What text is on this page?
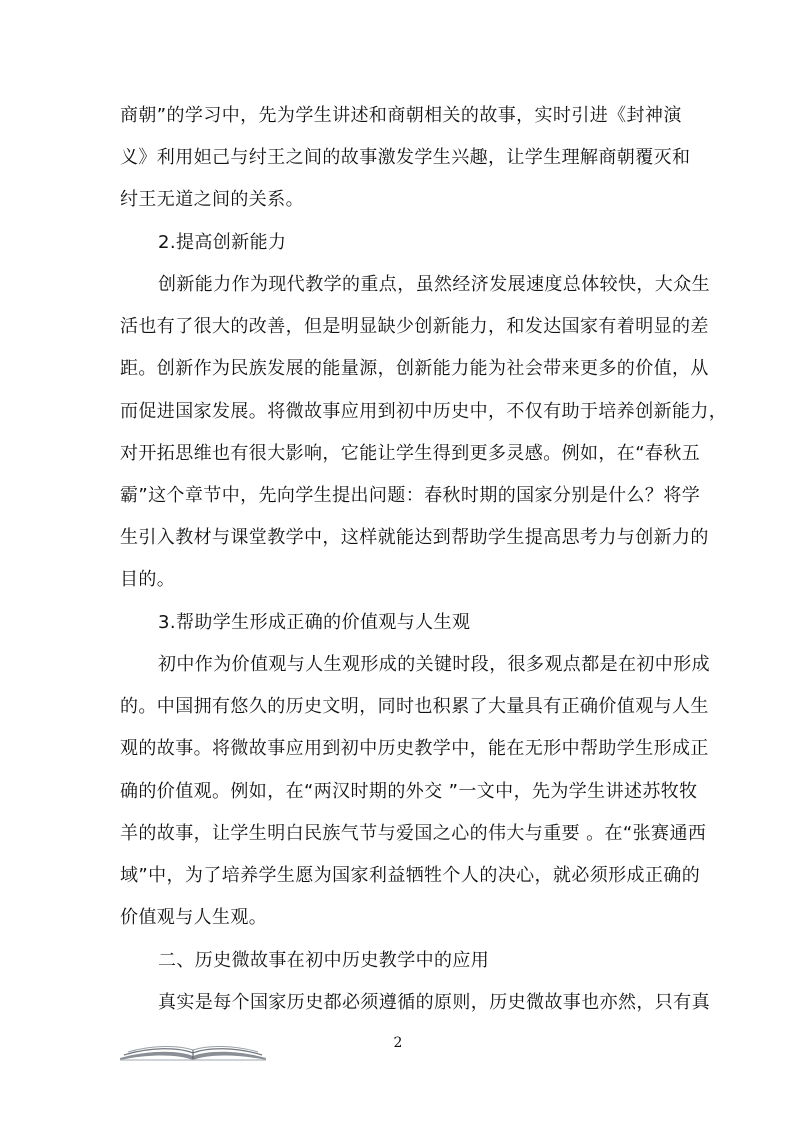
商朝”的学习中，先为学生讲述和商朝相关的故事，实时引进《封神演
义》利用妲己与纣王之间的故事激发学生兴趣，让学生理解商朝覆灭和
纣王无道之间的关系。
2.提高创新能力
创新能力作为现代教学的重点，虽然经济发展速度总体较快，大众生
活也有了很大的改善，但是明显缺少创新能力，和发达国家有着明显的差
距。创新作为民族发展的能量源，创新能力能为社会带来更多的价值，从
而促进国家发展。将微故事应用到初中历史中，不仅有助于培养创新能力，
对开拓思维也有很大影响，它能让学生得到更多灵感。例如，在“春秋五
霸”这个章节中，先向学生提出问题：春秋时期的国家分别是什么？将学
生引入教材与课堂教学中，这样就能达到帮助学生提高思考力与创新力的
目的。
3.帮助学生形成正确的价值观与人生观
初中作为价值观与人生观形成的关键时段，很多观点都是在初中形成
的。中国拥有悠久的历史文明，同时也积累了大量具有正确价值观与人生
观的故事。将微故事应用到初中历史教学中，能在无形中帮助学生形成正
确的价值观。例如，在“两汉时期的外交 ”一文中，先为学生讲述苏牧牧
羊的故事，让学生明白民族气节与爱国之心的伟大与重要 。在“张赛通西
域”中，为了培养学生愿为国家利益牺牲个人的决心，就必须形成正确的
价值观与人生观。
二、历史微故事在初中历史教学中的应用
真实是每个国家历史都必须遵循的原则，历史微故事也亦然，只有真
2
